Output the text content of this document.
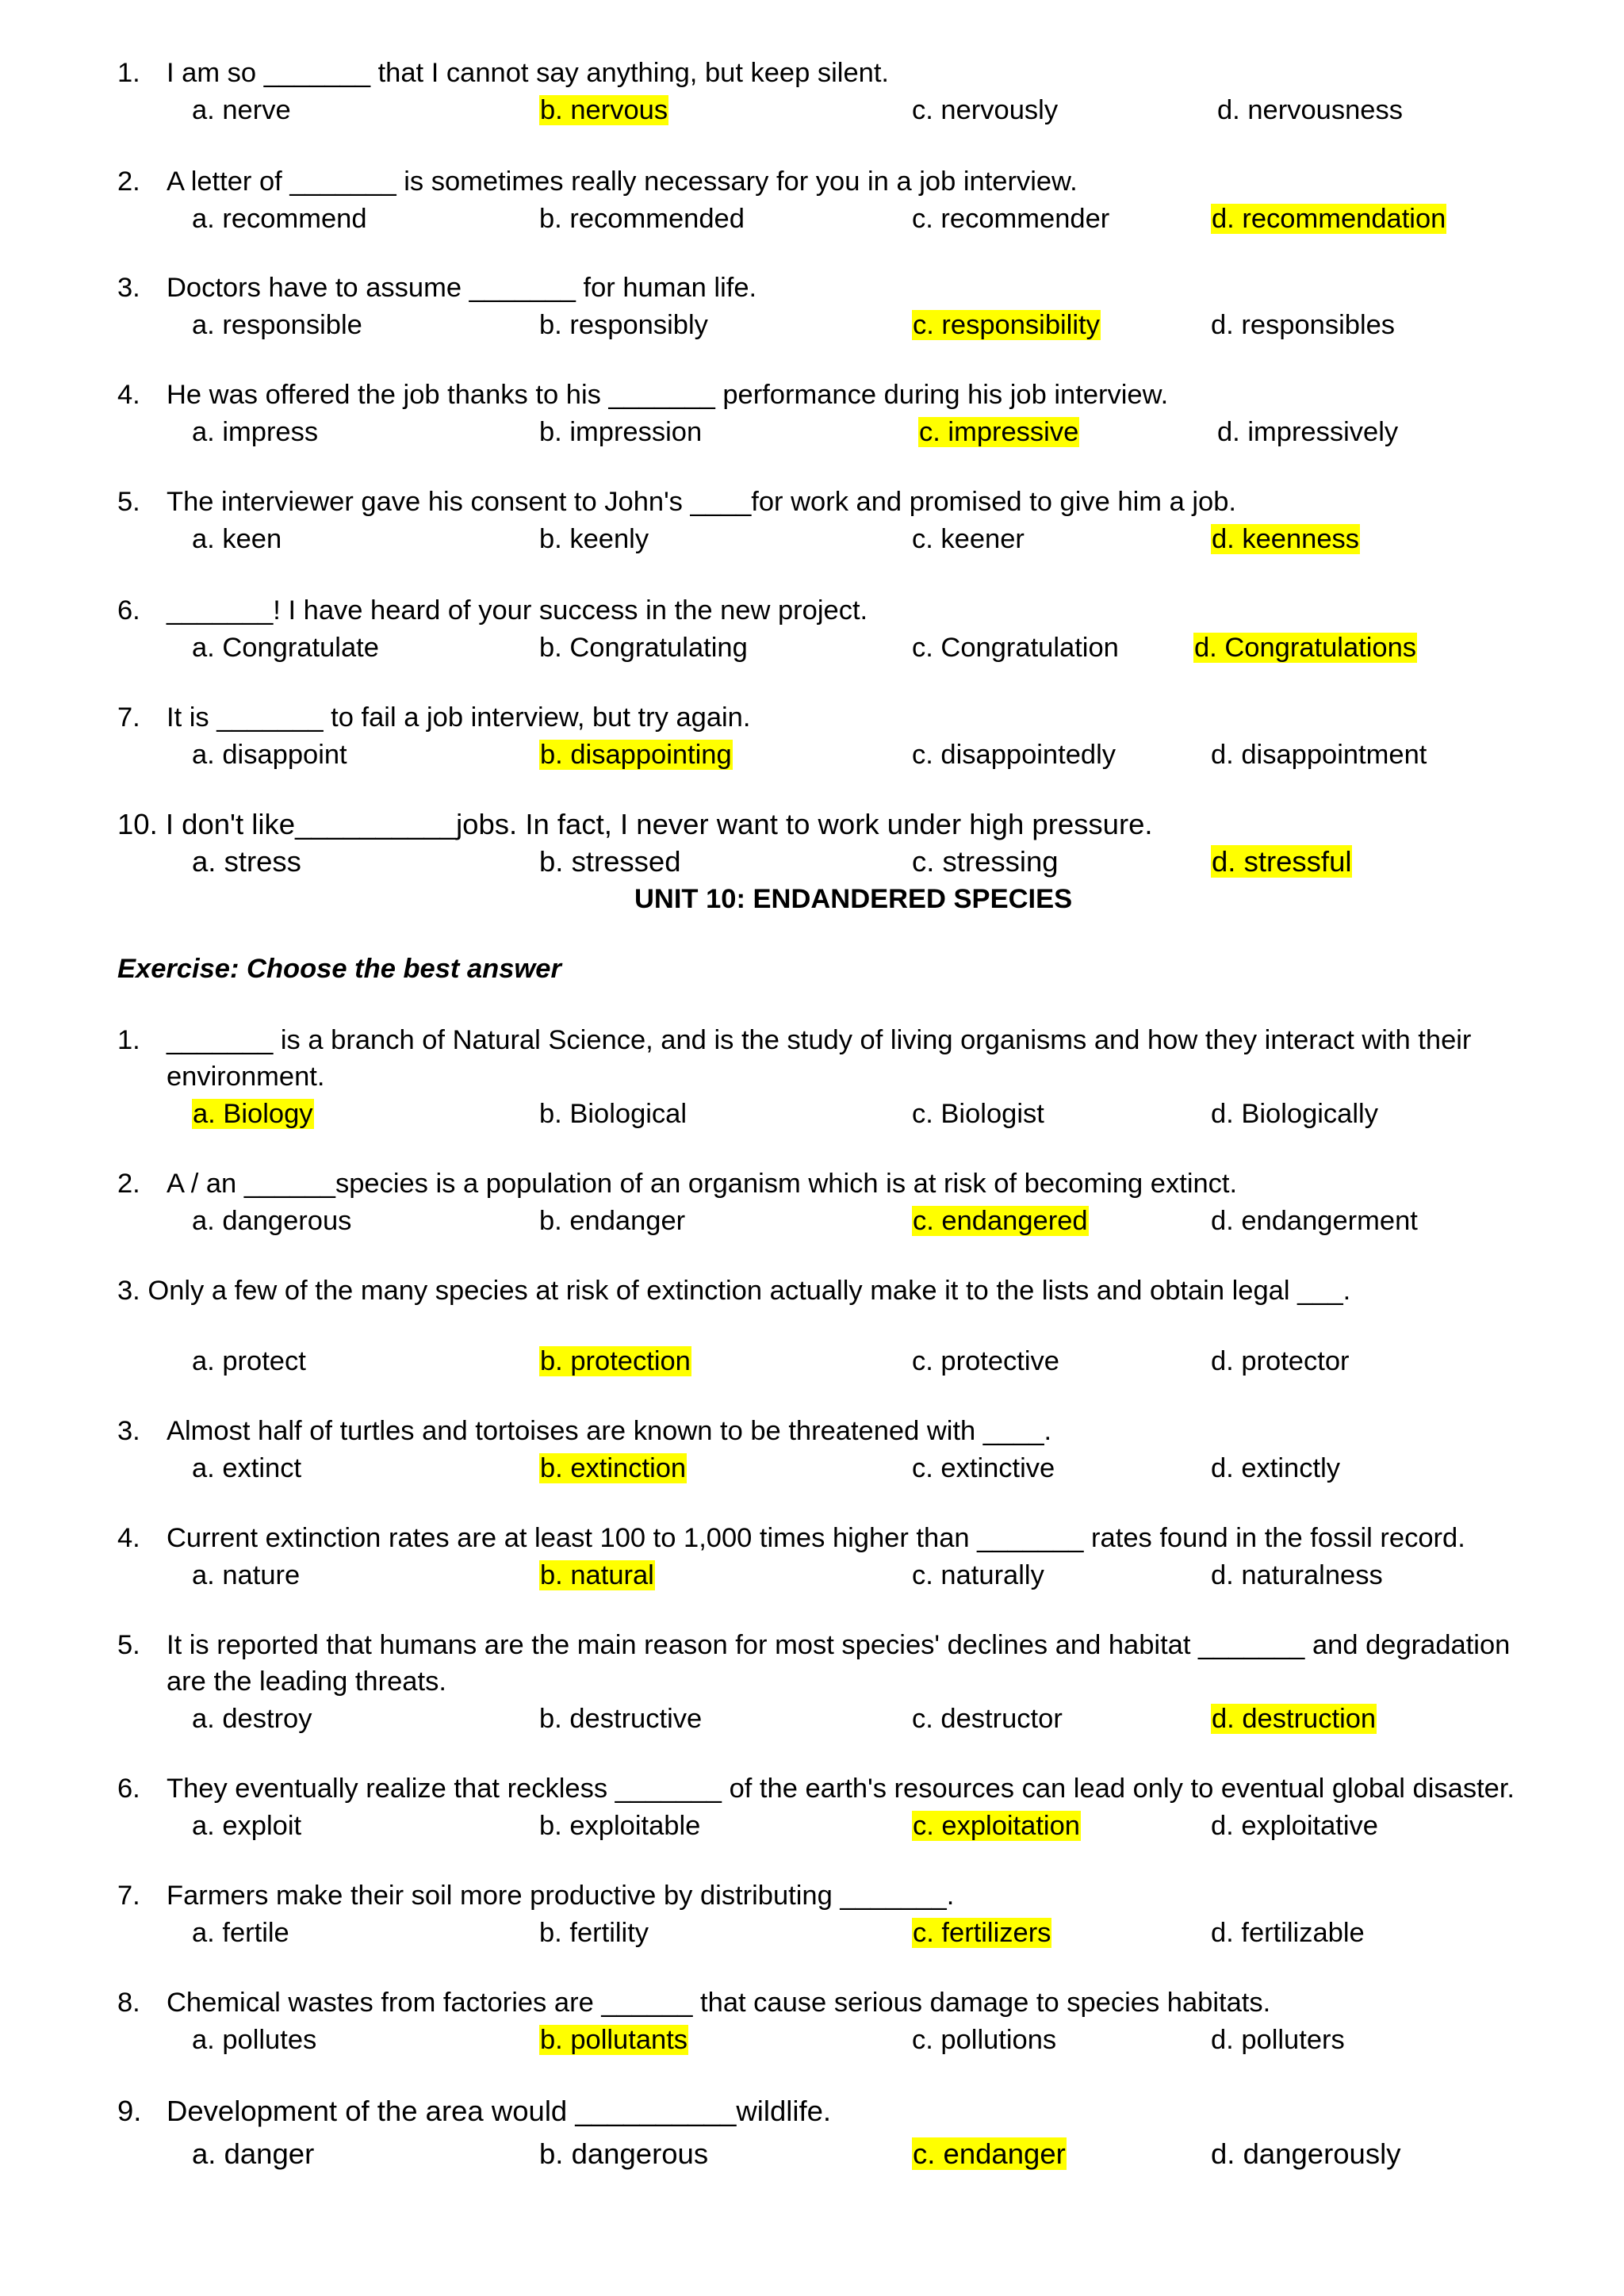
1. I am so _______ that I cannot say anything, but keep silent.
a. nerve	b. nervous	c. nervously	d. nervousness
2. A letter of _______ is sometimes really necessary for you in a job interview.
a. recommend	b. recommended	c. recommender	d. recommendation
3. Doctors have to assume _______ for human life.
a. responsible	b. responsibly	c. responsibility	d. responsibles
4. He was offered the job thanks to his _______ performance during his job interview.
a. impress	b. impression	c. impressive	d. impressively
5. The interviewer gave his consent to John's ____for work and promised to give him a job.
a. keen	b. keenly	c. keener	d. keenness
6. _______! I have heard of your success in the new project.
a. Congratulate	b. Congratulating	c. Congratulation	d. Congratulations
7. It is _______ to fail a job interview, but try again.
a. disappoint	b. disappointing	c. disappointedly	d. disappointment
10. I don't like__________jobs. In fact, I never want to work under high pressure.
a. stress	b. stressed	c. stressing	d. stressful
UNIT 10: ENDANDERED SPECIES
Exercise: Choose the best answer
1. _______ is a branch of Natural Science, and is the study of living organisms and how they interact with their
environment.
a. Biology	b. Biological	c. Biologist	d. Biologically
2. A / an ______species is a population of an organism which is at risk of becoming extinct.
a. dangerous	b. endanger	c. endangered	d. endangerment
3. Only a few of the many species at risk of extinction actually make it to the lists and obtain legal ___.
a. protect	b. protection	c. protective	d. protector
3. Almost half of turtles and tortoises are known to be threatened with ____.
a. extinct	b. extinction	c. extinctive	d. extinctly
4. Current extinction rates are at least 100 to 1,000 times higher than _______ rates found in the fossil record.
a. nature	b. natural	c. naturally	d. naturalness
5. It is reported that humans are the main reason for most species' declines and habitat _______ and degradation
are the leading threats.
a. destroy	b. destructive	c. destructor	d. destruction
6. They eventually realize that reckless _______ of the earth's resources can lead only to eventual global disaster.
a. exploit	b. exploitable	c. exploitation	d. exploitative
7. Farmers make their soil more productive by distributing _______.
a. fertile	b. fertility	c. fertilizers	d. fertilizable
8. Chemical wastes from factories are ______ that cause serious damage to species habitats.
a. pollutes	b. pollutants	c. pollutions	d. polluters
9. Development of the area would __________wildlife.
a. danger	b. dangerous	c. endanger	d. dangerously
